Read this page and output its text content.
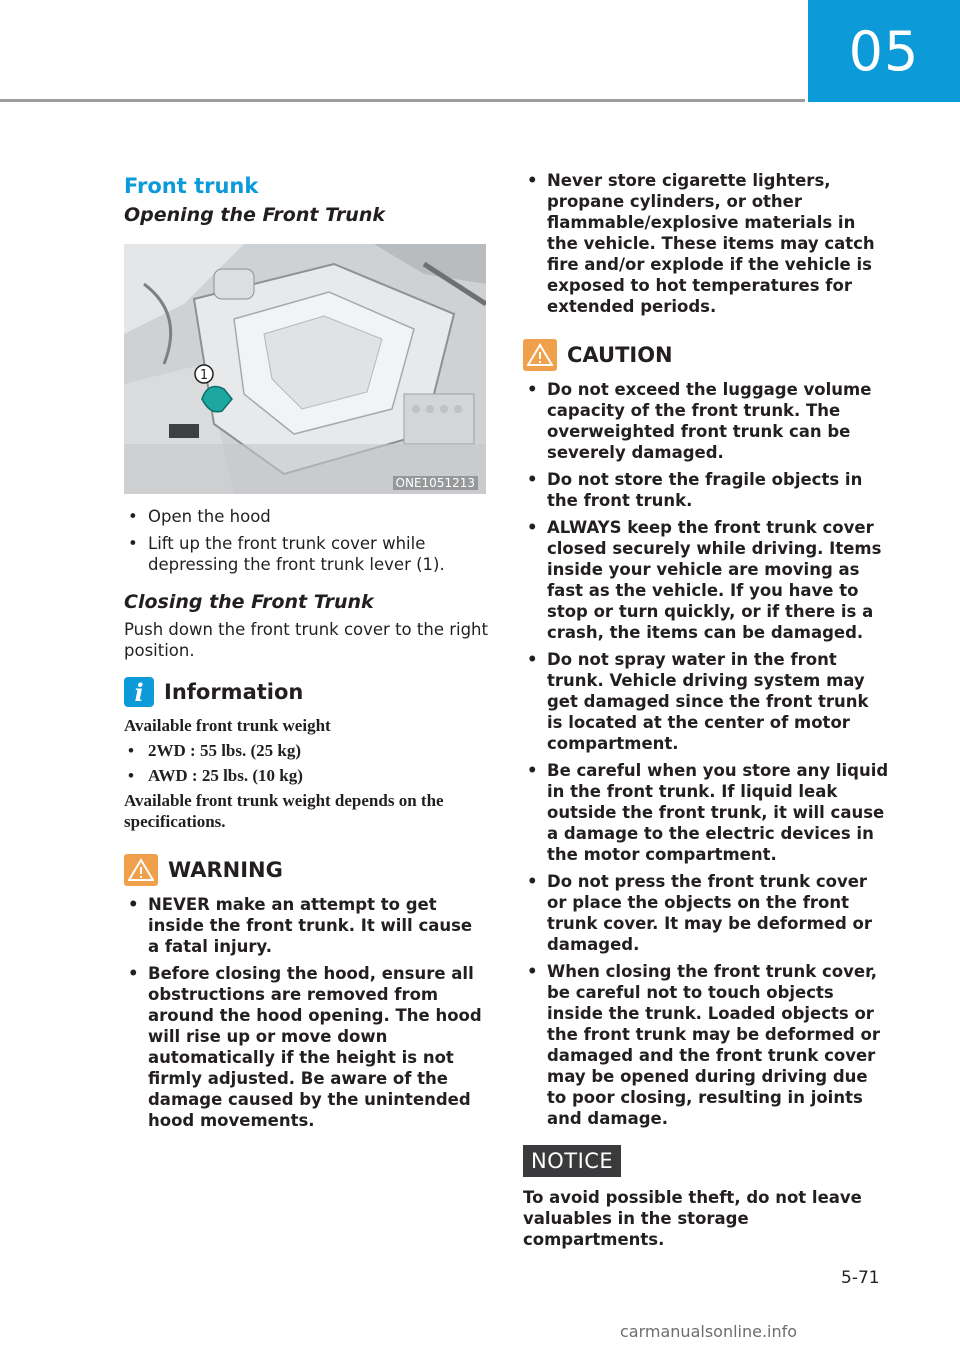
05
Front trunk
Opening the Front Trunk
1
ONE1051213
• Open the hood
• Lift up the front trunk cover while depressing the front trunk lever (1).
Closing the Front Trunk

Push down the front trunk cover to the right position.

i Information

Available front trunk weight

• 2WD : 55 lbs. (25 kg)
• AWD : 25 lbs. (10 kg)

Available front trunk weight depends on the specifications.

WARNING
• NEVER make an attempt to get inside the front trunk. It will cause a fatal injury.
• Before closing the hood, ensure all obstructions are removed from around the hood opening. The hood will rise up or move down automatically if the height is not firmly adjusted. Be aware of the damage caused by the unintended hood movements.
• Never store cigarette lighters, propane cylinders, or other flammable/explosive materials in the vehicle. These items may catch fire and/or explode if the vehicle is exposed to hot temperatures for extended periods.
CAUTION
• Do not exceed the luggage volume capacity of the front trunk. The overweighted front trunk can be severely damaged.
• Do not store the fragile objects in the front trunk.
• ALWAYS keep the front trunk cover closed securely while driving. Items inside your vehicle are moving as fast as the vehicle. If you have to stop or turn quickly, or if there is a crash, the items can be damaged.
• Do not spray water in the front trunk. Vehicle driving system may get damaged since the front trunk is located at the center of motor compartment.
• Be careful when you store any liquid in the front trunk. If liquid leak outside the front trunk, it will cause a damage to the electric devices in the motor compartment.
• Do not press the front trunk cover or place the objects on the front trunk cover. It may be deformed or damaged.
• When closing the front trunk cover, be careful not to touch objects inside the trunk. Loaded objects or the front trunk may be deformed or damaged and the front trunk cover may be opened during driving due to poor closing, resulting in joints and damage.
NOTICE

To avoid possible theft, do not leave valuables in the storage compartments.

5-71
carmanualsonline.info
